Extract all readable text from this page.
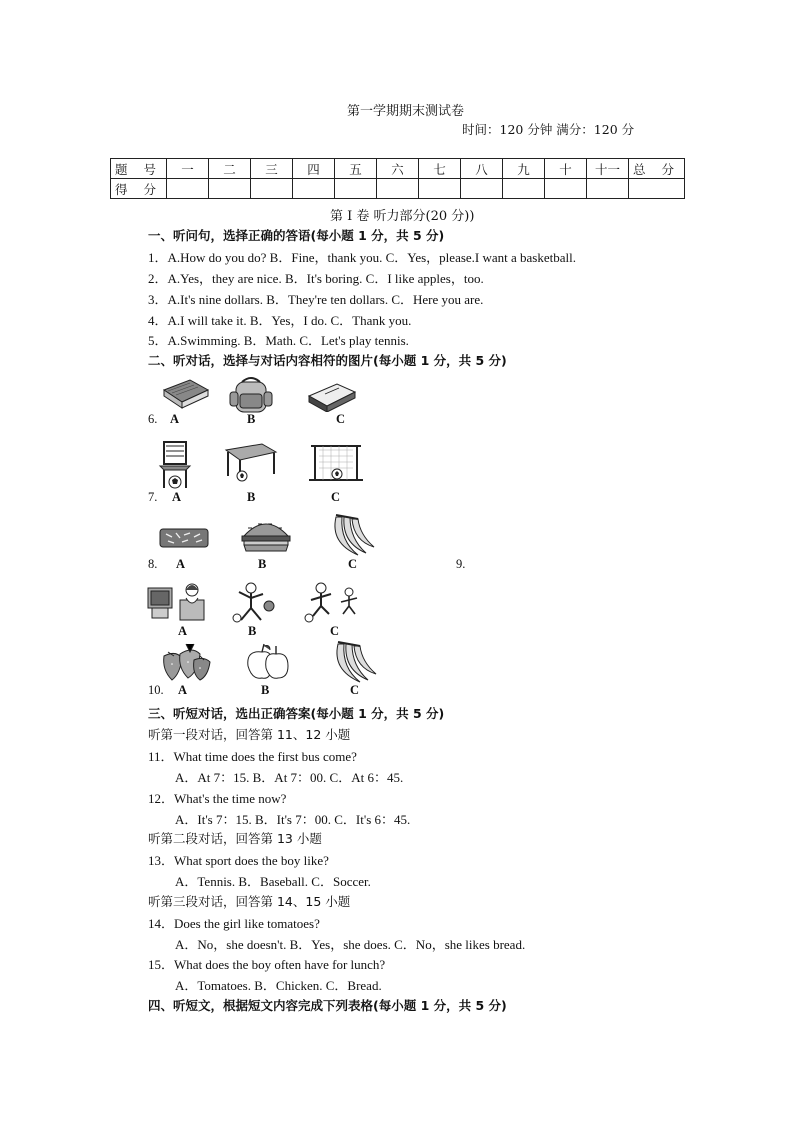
第一学期期末测试卷
时间：120 分钟 满分：120 分
题 号	一	二	三	四	五	六	七	八	九	十	十一	总 分
得 分												
第 I 卷 听力部分(20 分))
一、听问句，选择正确的答语(每小题 1 分，共 5 分)
1．A.How do you do? B．Fine，thank you. C．Yes，please.I want a basketball.
2．A.Yes，they are nice. B．It's boring. C．I like apples，too.
3．A.It's nine dollars. B．They're ten dollars. C．Here you are.
4．A.I will take it. B．Yes，I do. C．Thank you.
5．A.Swimming. B．Math. C．Let's play tennis.
二、听对话，选择与对话内容相符的图片(每小题 1 分，共 5 分)
6. A	B	C
7. A	B	C
8. A	B	C	9.
A	B	C
10. A	B	C
三、听短对话，选出正确答案(每小题 1 分，共 5 分)
听第一段对话，回答第 11、12 小题
11．What time does the first bus come?
A．At 7：15. B．At 7：00. C．At 6：45.
12．What's the time now?
A．It's 7：15. B．It's 7：00. C．It's 6：45.
听第二段对话，回答第 13 小题
13．What sport does the boy like?
A．Tennis. B．Baseball. C．Soccer.
听第三段对话，回答第 14、15 小题
14．Does the girl like tomatoes?
A．No，she doesn't. B．Yes，she does. C．No，she likes bread.
15．What does the boy often have for lunch?
A．Tomatoes. B．Chicken. C．Bread.
四、听短文，根据短文内容完成下列表格(每小题 1 分，共 5 分)
